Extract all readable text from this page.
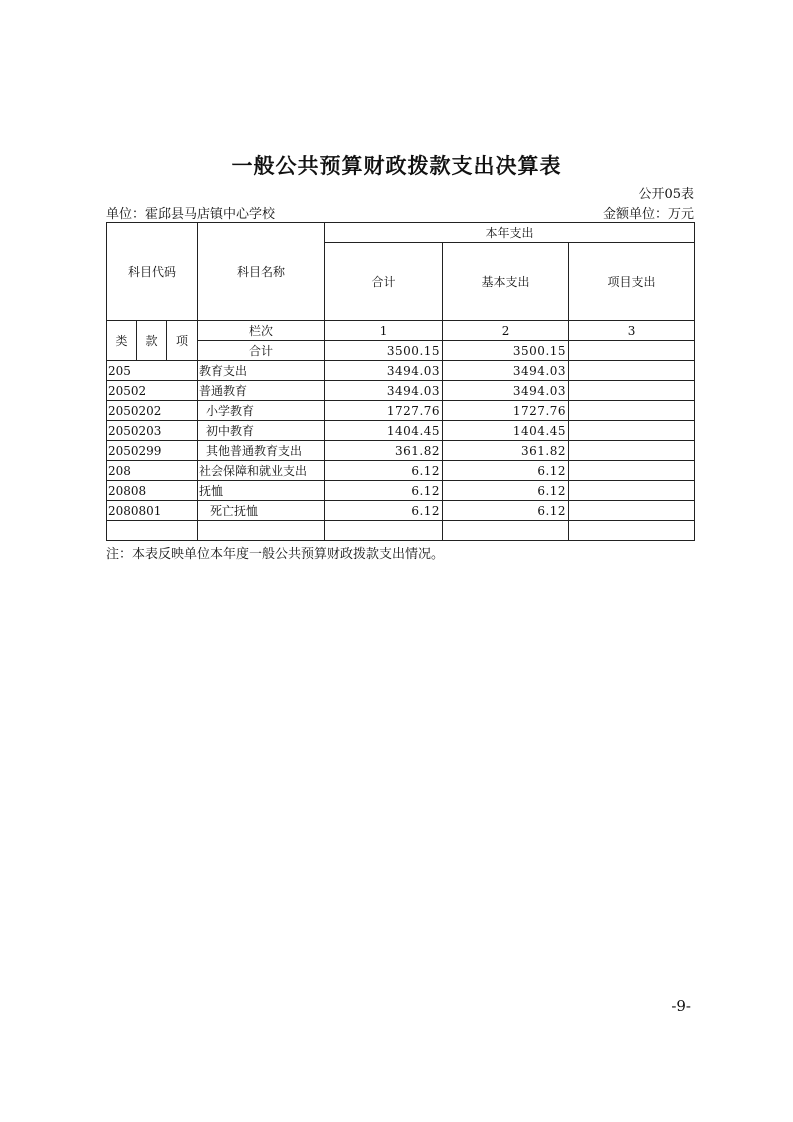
一般公共预算财政拨款支出决算表
公开05表
单位：霍邱县马店镇中心学校	金额单位：万元
科目代码			科目名称	本年支出		
				合计	基本支出	项目支出
类	款	项	栏次	1	2	3
			合计	3500.15	3500.15	
205			教育支出	3494.03	3494.03	
20502			普通教育	3494.03	3494.03	
2050202			小学教育	1727.76	1727.76	
2050203			初中教育	1404.45	1404.45	
2050299			其他普通教育支出	361.82	361.82	
208			社会保障和就业支出	6.12	6.12	
20808			抚恤	6.12	6.12	
2080801			死亡抚恤	6.12	6.12	

注：本表反映单位本年度一般公共预算财政拨款支出情况。
-9-
